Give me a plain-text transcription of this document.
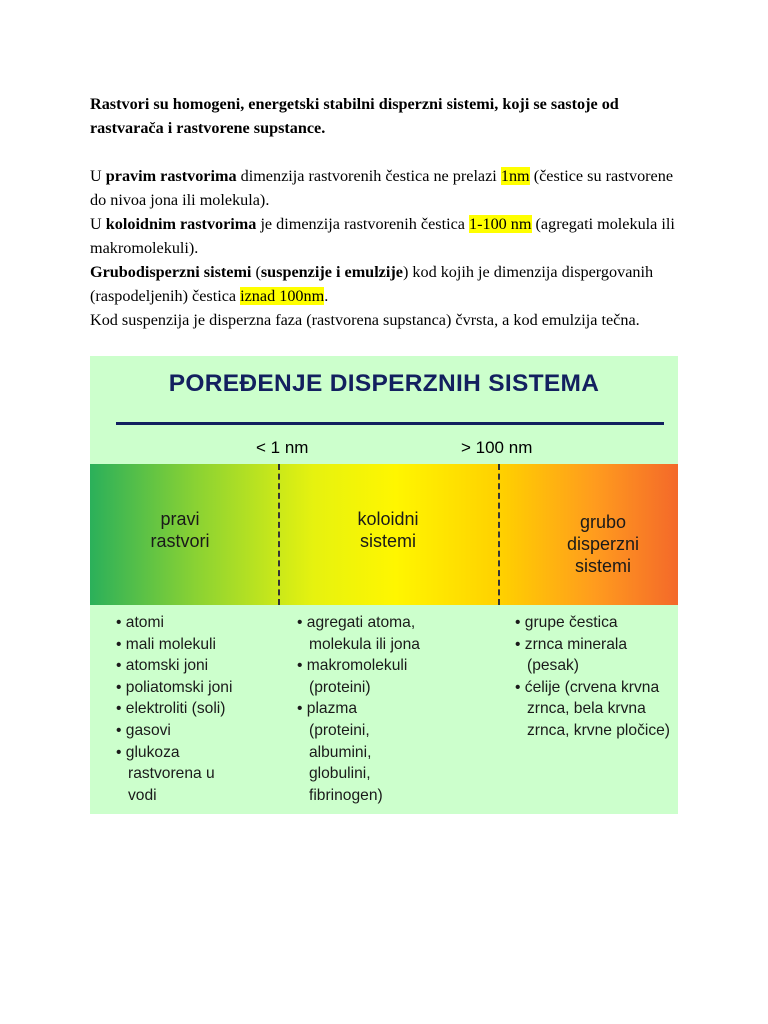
Rastvori su homogeni, energetski stabilni disperzni sistemi, koji se sastoje od rastvarača i rastvorene supstance.

U pravim rastvorima dimenzija rastvorenih čestica ne prelazi 1nm (čestice su rastvorene do nivoa jona ili molekula).

U koloidnim rastvorima je dimenzija rastvorenih čestica 1-100 nm (agregati molekula ili makromolekuli).

Grubodisperzni sistemi (suspenzije i emulzije) kod kojih je dimenzija dispergovanih (raspodeljenih) čestica iznad 100nm.

Kod suspenzija je disperzna faza (rastvorena supstanca) čvrsta, a kod emulzija tečna.

POREĐENJE DISPERZNIH SISTEMA
< 1 nm	> 100 nm
pravi
rastvori
koloidni
sistemi
grubo
disperzni
sistemi
• atomi
• mali molekuli
• atomski joni
• poliatomski joni
• elektroliti (soli)
• gasovi
• glukoza rastvorena u vodi
• agregati atoma, molekula ili jona
• makromolekuli (proteini)
• plazma (proteini, albumini, globulini, fibrinogen)
• grupe čestica
• zrnca minerala (pesak)
• ćelije (crvena krvna zrnca, bela krvna zrnca, krvne pločice)
